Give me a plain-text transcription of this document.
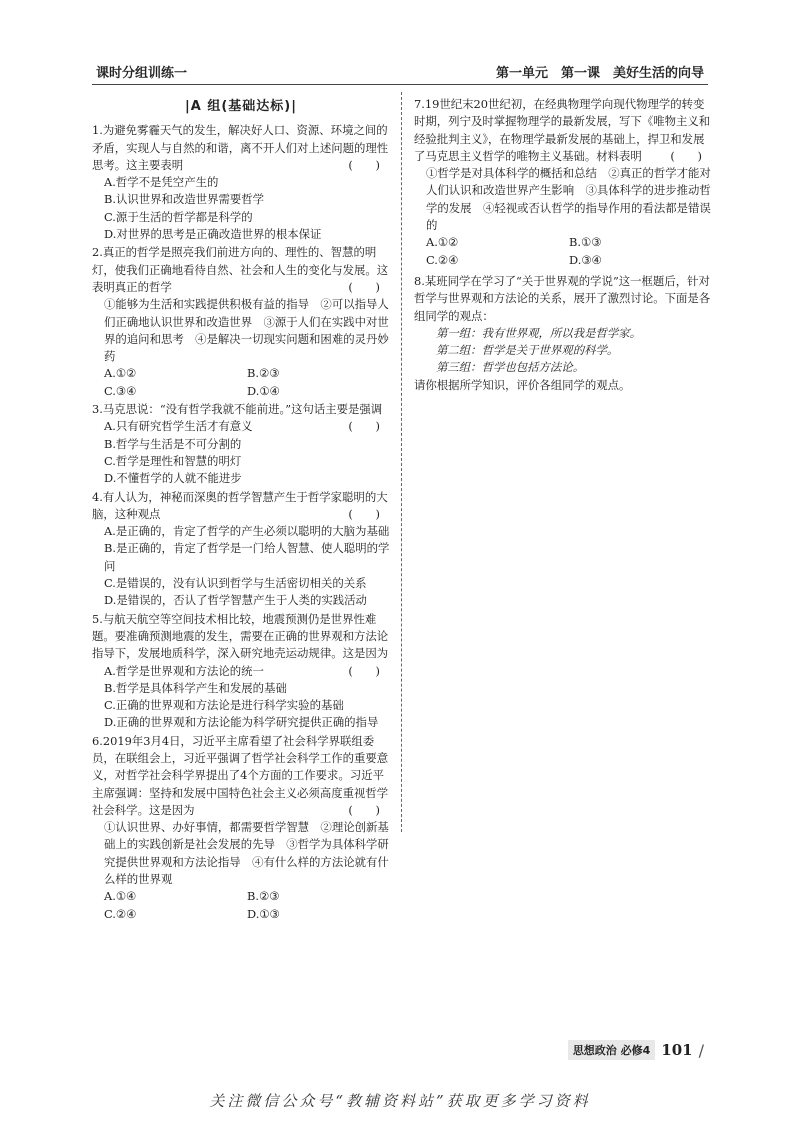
课时分组训练一	第一单元　第一课　美好生活的向导
|A 组(基础达标)|
1.为避免雾霾天气的发生，解决好人口、资源、环境之间的矛盾，实现人与自然的和谐，离不开人们对上述问题的理性思考。这主要表明	(　　)
A.哲学不是凭空产生的
B.认识世界和改造世界需要哲学
C.源于生活的哲学都是科学的
D.对世界的思考是正确改造世界的根本保证
2.真正的哲学是照亮我们前进方向的、理性的、智慧的明灯，使我们正确地看待自然、社会和人生的变化与发展。这表明真正的哲学	(　　)
①能够为生活和实践提供积极有益的指导　②可以指导人们正确地认识世界和改造世界　③源于人们在实践中对世界的追问和思考　④是解决一切现实问题和困难的灵丹妙药
A.①②	B.②③
C.③④	D.①④
3.马克思说：“没有哲学我就不能前进。”这句话主要是强调
(　　)
A.只有研究哲学生活才有意义
B.哲学与生活是不可分割的
C.哲学是理性和智慧的明灯
D.不懂哲学的人就不能进步
4.有人认为，神秘而深奥的哲学智慧产生于哲学家聪明的大脑，这种观点	(　　)
A.是正确的，肯定了哲学的产生必须以聪明的大脑为基础
B.是正确的，肯定了哲学是一门给人智慧、使人聪明的学问
C.是错误的，没有认识到哲学与生活密切相关的关系
D.是错误的，否认了哲学智慧产生于人类的实践活动
5.与航天航空等空间技术相比较，地震预测仍是世界性难题。要准确预测地震的发生，需要在正确的世界观和方法论指导下，发展地质科学，深入研究地壳运动规律。这是因为
(　　)
A.哲学是世界观和方法论的统一
B.哲学是具体科学产生和发展的基础
C.正确的世界观和方法论是进行科学实验的基础
D.正确的世界观和方法论能为科学研究提供正确的指导
6.2019年3月4日，习近平主席看望了社会科学界联组委员，在联组会上，习近平强调了哲学社会科学工作的重要意义，对哲学社会科学界提出了4个方面的工作要求。习近平主席强调：坚持和发展中国特色社会主义必须高度重视哲学社会科学。这是因为	(　　)
①认识世界、办好事情，都需要哲学智慧　②理论创新基础上的实践创新是社会发展的先导　③哲学为具体科学研究提供世界观和方法论指导　④有什么样的方法论就有什么样的世界观
A.①④	B.②③
C.②④	D.①③
7.19世纪末20世纪初，在经典物理学向现代物理学的转变时期，列宁及时掌握物理学的最新发展，写下《唯物主义和经验批判主义》，在物理学最新发展的基础上，捍卫和发展了马克思主义哲学的唯物主义基础。材料表明	(　　)
①哲学是对具体科学的概括和总结　②真正的哲学才能对人们认识和改造世界产生影响　③具体科学的进步推动哲学的发展　④轻视或否认哲学的指导作用的看法都是错误的
A.①②	B.①③
C.②④	D.③④
8.某班同学在学习了“关于世界观的学说”这一框题后，针对哲学与世界观和方法论的关系，展开了激烈讨论。下面是各组同学的观点：
第一组：我有世界观，所以我是哲学家。
第二组：哲学是关于世界观的科学。
第三组：哲学也包括方法论。
请你根据所学知识，评价各组同学的观点。
思想政治 必修4 101 /
关注微信公众号“教辅资料站”获取更多学习资料
